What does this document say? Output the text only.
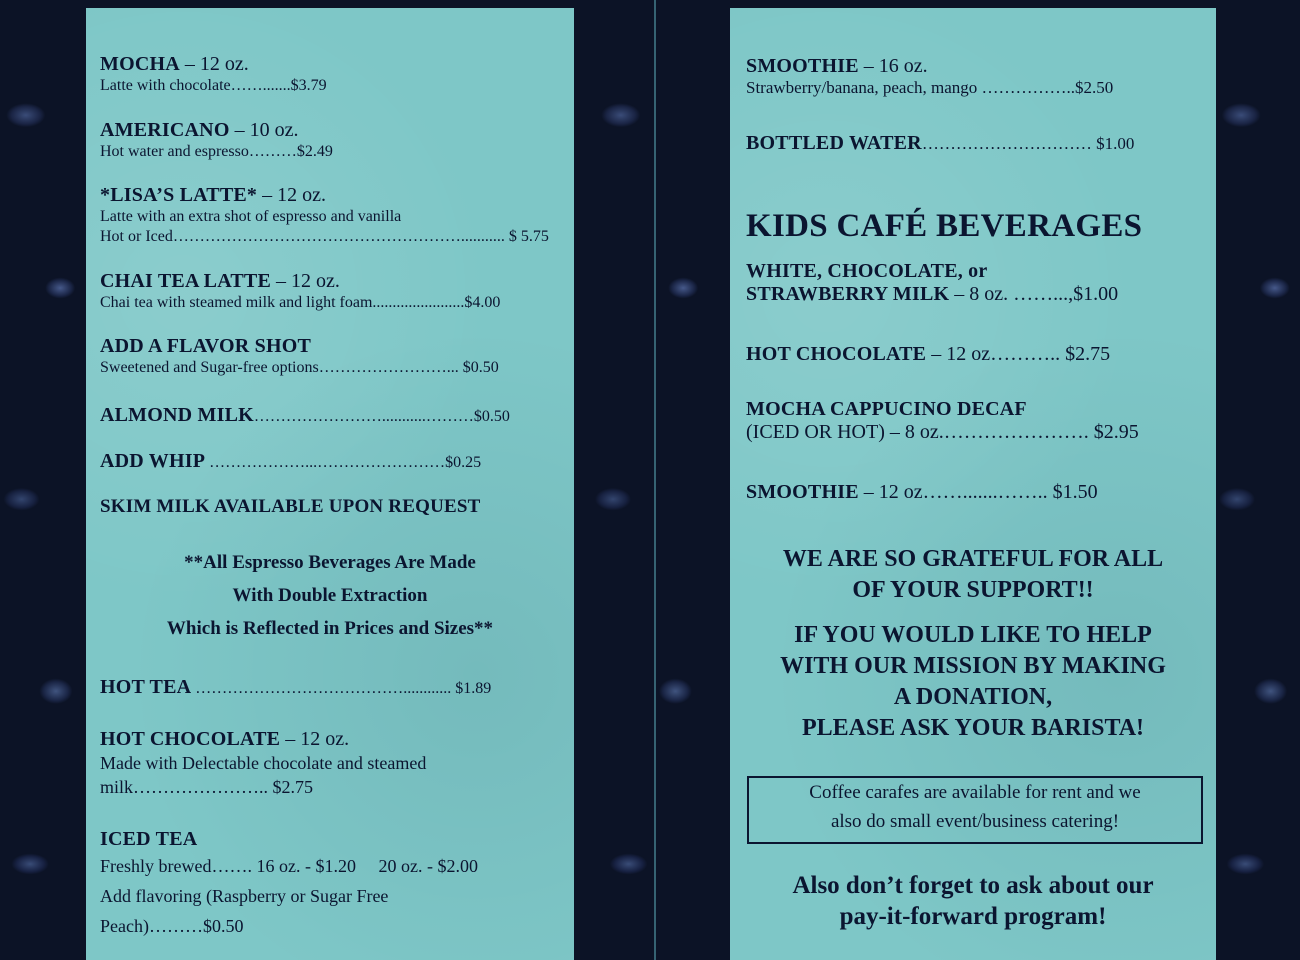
MOCHA – 12 oz.
Latte with chocolate…….......$3.79
AMERICANO – 10 oz.
Hot water and espresso………$2.49
*LISA’S LATTE* – 12 oz.
Latte with an extra shot of espresso and vanilla
Hot or Iced………………………………………………........... $ 5.75
CHAI TEA LATTE – 12 oz.
Chai tea with steamed milk and light foam.......................$4.00
ADD A FLAVOR SHOT
Sweetened and Sugar-free options……………………... $0.50
ALMOND MILK……………………...........………$0.50
ADD WHIP ………………...……………………$0.25
SKIM MILK AVAILABLE UPON REQUEST
**All Espresso Beverages Are Made
With Double Extraction
Which is Reflected in Prices and Sizes**
HOT TEA …………………………………............ $1.89
HOT CHOCOLATE – 12 oz.
Made with Delectable chocolate and steamed
milk………………….. $2.75
ICED TEA
Freshly brewed……. 16 oz. - $1.20     20 oz. - $2.00
Add flavoring (Raspberry or Sugar Free
Peach)………$0.50
SMOOTHIE – 16 oz.
Strawberry/banana, peach, mango ……………..$2.50
BOTTLED WATER………………………… $1.00
KIDS CAFÉ BEVERAGES
WHITE, CHOCOLATE, or
STRAWBERRY MILK – 8 oz. ……...,$1.00
HOT CHOCOLATE – 12 oz……….. $2.75
MOCHA CAPPUCINO DECAF
(ICED OR HOT) – 8 oz.…………………. $2.95
SMOOTHIE – 12 oz…….......…….. $1.50
WE ARE SO GRATEFUL FOR ALL
OF YOUR SUPPORT!!
IF YOU WOULD LIKE TO HELP
WITH OUR MISSION BY MAKING
A DONATION,
PLEASE ASK YOUR BARISTA!
Coffee carafes are available for rent and we
also do small event/business catering!
Also don’t forget to ask about our
pay-it-forward program!
